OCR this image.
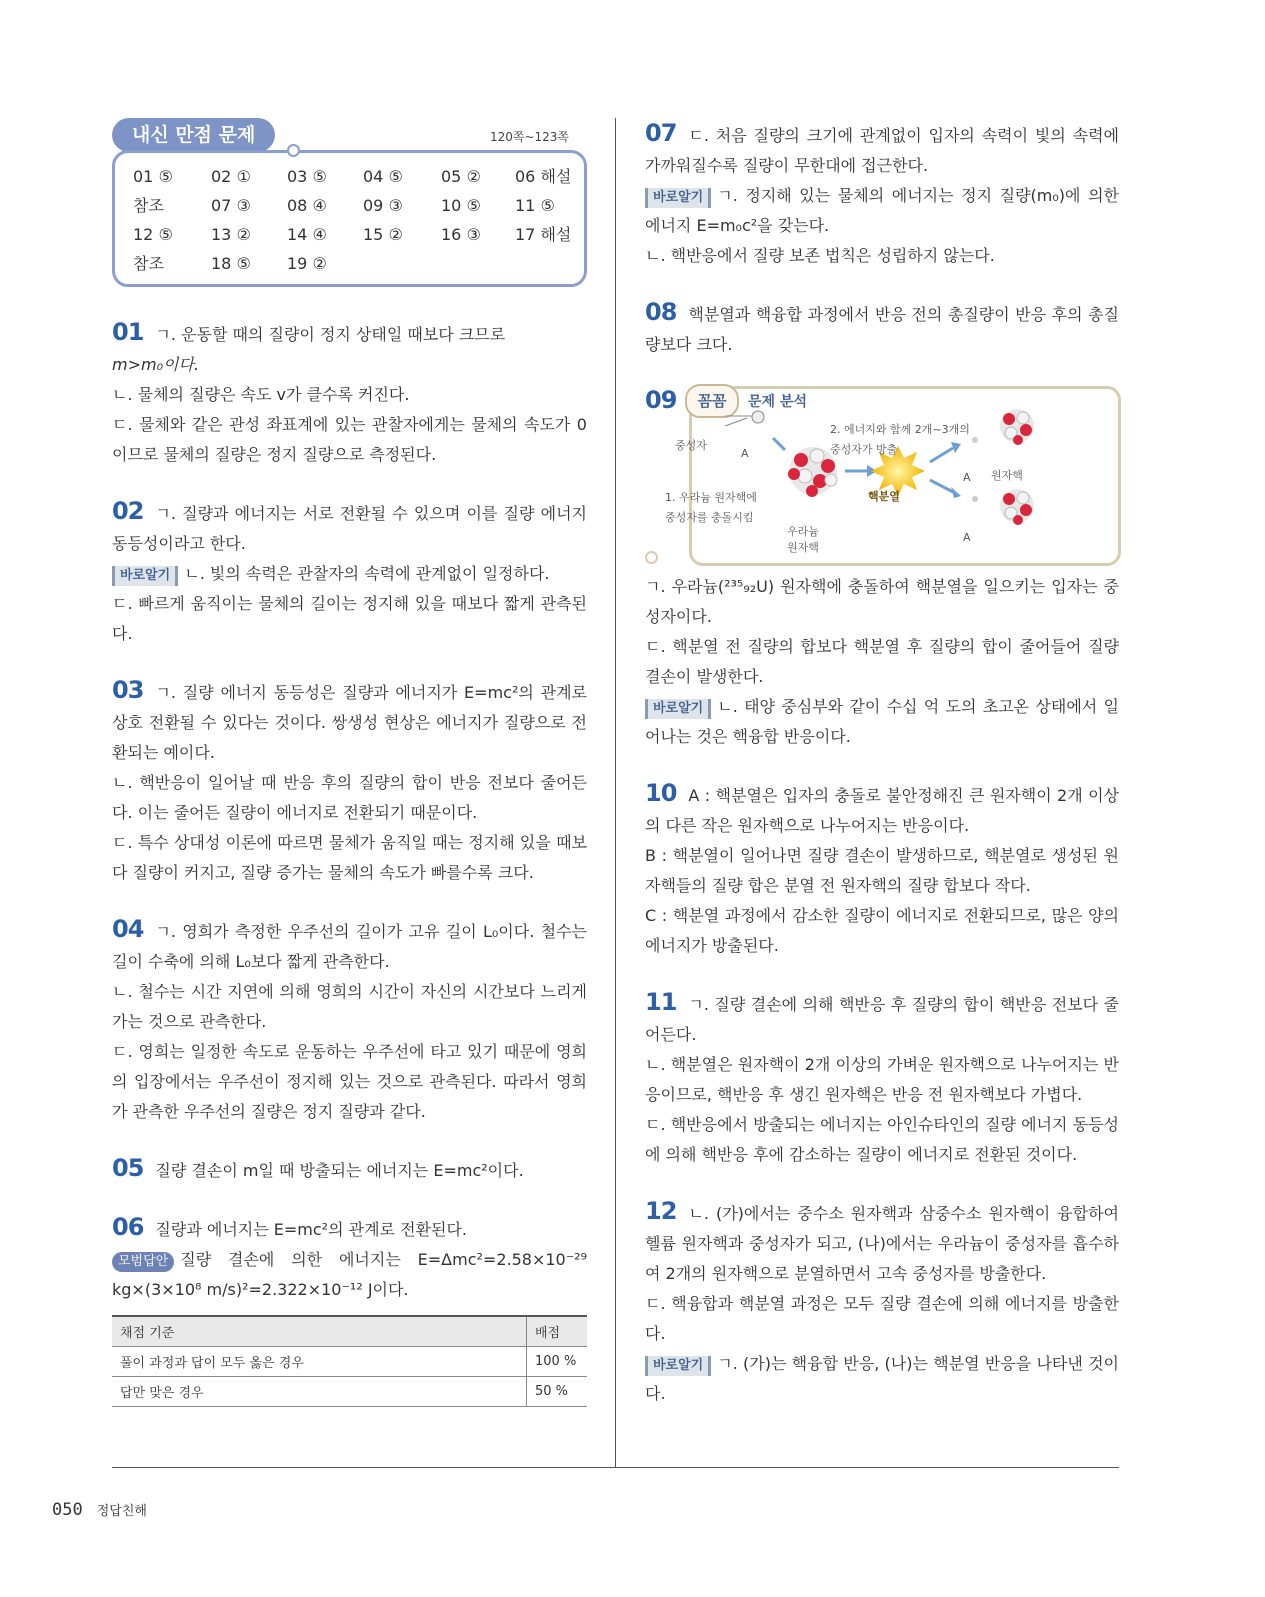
내신 만점 문제	120쪽~123쪽
01 ⑤	02 ①	03 ⑤	04 ⑤	05 ②	06 해설
참조	07 ③	08 ④	09 ③	10 ⑤	11 ⑤
12 ⑤	13 ②	14 ④	15 ②	16 ③	17 해설
참조	18 ⑤	19 ②

01 ㄱ. 운동할 때의 질량이 정지 상태일 때보다 크므로

m>m₀이다.

ㄴ. 물체의 질량은 속도 v가 클수록 커진다.

ㄷ. 물체와 같은 관성 좌표계에 있는 관찰자에게는 물체의 속도가 0이므로 물체의 질량은 정지 질량으로 측정된다.

02 ㄱ. 질량과 에너지는 서로 전환될 수 있으며 이를 질량 에너지 동등성이라고 한다.

바로알기 ㄴ. 빛의 속력은 관찰자의 속력에 관계없이 일정하다.

ㄷ. 빠르게 움직이는 물체의 길이는 정지해 있을 때보다 짧게 관측된다.

03 ㄱ. 질량 에너지 동등성은 질량과 에너지가 E=mc²의 관계로 상호 전환될 수 있다는 것이다. 쌍생성 현상은 에너지가 질량으로 전환되는 예이다.

ㄴ. 핵반응이 일어날 때 반응 후의 질량의 합이 반응 전보다 줄어든다. 이는 줄어든 질량이 에너지로 전환되기 때문이다.

ㄷ. 특수 상대성 이론에 따르면 물체가 움직일 때는 정지해 있을 때보다 질량이 커지고, 질량 증가는 물체의 속도가 빠를수록 크다.

04 ㄱ. 영희가 측정한 우주선의 길이가 고유 길이 L₀이다. 철수는 길이 수축에 의해 L₀보다 짧게 관측한다.

ㄴ. 철수는 시간 지연에 의해 영희의 시간이 자신의 시간보다 느리게 가는 것으로 관측한다.

ㄷ. 영희는 일정한 속도로 운동하는 우주선에 타고 있기 때문에 영희의 입장에서는 우주선이 정지해 있는 것으로 관측된다. 따라서 영희가 관측한 우주선의 질량은 정지 질량과 같다.

05 질량 결손이 m일 때 방출되는 에너지는 E=mc²이다.

06 질량과 에너지는 E=mc²의 관계로 전환된다.

모범답안 질량 결손에 의한 에너지는 E=Δmc²=2.58×10⁻²⁹ kg×(3×10⁸ m/s)²=2.322×10⁻¹² J이다.

채점 기준	배점
풀이 과정과 답이 모두 옳은 경우	100 %
답만 맞은 경우	50 %

07 ㄷ. 처음 질량의 크기에 관계없이 입자의 속력이 빛의 속력에 가까워질수록 질량이 무한대에 접근한다.

바로알기 ㄱ. 정지해 있는 물체의 에너지는 정지 질량(m₀)에 의한 에너지 E=m₀c²을 갖는다.

ㄴ. 핵반응에서 질량 보존 법칙은 성립하지 않는다.

08 핵분열과 핵융합 과정에서 반응 전의 총질량이 반응 후의 총질량보다 크다.

09	꼼꼼	문제 분석
중성자
A
1. 우라늄 원자핵에
중성자를 충돌시킴
우라늄
원자핵
핵분열
2. 에너지와 함께 2개~3개의
중성자가 방출
A
A
원자핵

ㄱ. 우라늄(²³⁵₉₂U) 원자핵에 충돌하여 핵분열을 일으키는 입자는 중성자이다.

ㄷ. 핵분열 전 질량의 합보다 핵분열 후 질량의 합이 줄어들어 질량 결손이 발생한다.

바로알기 ㄴ. 태양 중심부와 같이 수십 억 도의 초고온 상태에서 일어나는 것은 핵융합 반응이다.

10 A : 핵분열은 입자의 충돌로 불안정해진 큰 원자핵이 2개 이상의 다른 작은 원자핵으로 나누어지는 반응이다.

B : 핵분열이 일어나면 질량 결손이 발생하므로, 핵분열로 생성된 원자핵들의 질량 합은 분열 전 원자핵의 질량 합보다 작다.

C : 핵분열 과정에서 감소한 질량이 에너지로 전환되므로, 많은 양의 에너지가 방출된다.

11 ㄱ. 질량 결손에 의해 핵반응 후 질량의 합이 핵반응 전보다 줄어든다.

ㄴ. 핵분열은 원자핵이 2개 이상의 가벼운 원자핵으로 나누어지는 반응이므로, 핵반응 후 생긴 원자핵은 반응 전 원자핵보다 가볍다.

ㄷ. 핵반응에서 방출되는 에너지는 아인슈타인의 질량 에너지 동등성에 의해 핵반응 후에 감소하는 질량이 에너지로 전환된 것이다.

12 ㄴ. (가)에서는 중수소 원자핵과 삼중수소 원자핵이 융합하여 헬륨 원자핵과 중성자가 되고, (나)에서는 우라늄이 중성자를 흡수하여 2개의 원자핵으로 분열하면서 고속 중성자를 방출한다.

ㄷ. 핵융합과 핵분열 과정은 모두 질량 결손에 의해 에너지를 방출한다.

바로알기 ㄱ. (가)는 핵융합 반응, (나)는 핵분열 반응을 나타낸 것이다.

050 정답친해
